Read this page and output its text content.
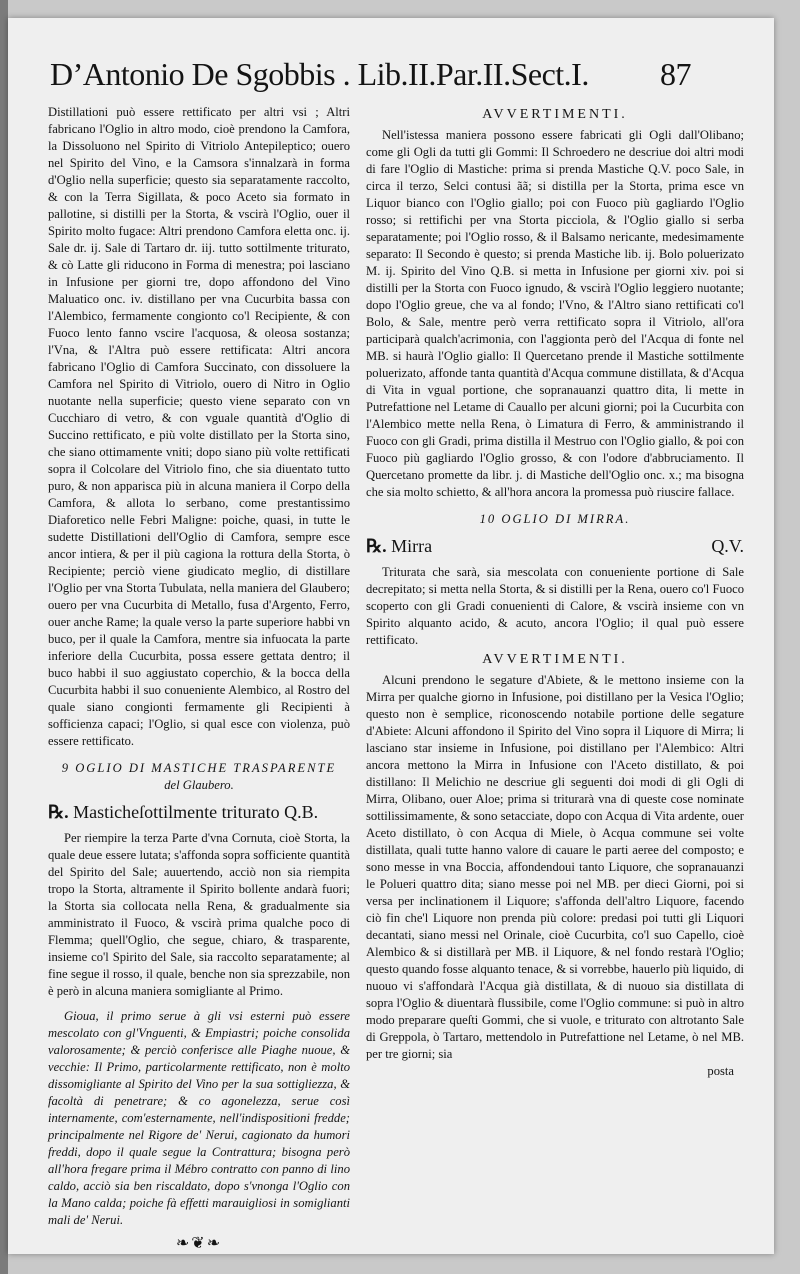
D’Antonio De Sgobbis . Lib.II.Par.II.Sect.I. 87

Distillationi può essere rettificato per altri vsi ; Altri fabricano l'Oglio in altro modo, cioè prendono la Camfora, la Dissoluono nel Spirito di Vitriolo Antepileptico; ouero nel Spirito del Vino, e la Camsora s'innalzarà in forma d'Oglio nella superficie; questo sia separatamente raccolto, & con la Terra Sigillata, & poco Aceto sia formato in pallotine, si distilli per la Storta, & vscirà l'Oglio, ouer il Spirito molto fugace: Altri prendono Camfora eletta onc. ij. Sale dr. ij. Sale di Tartaro dr. iij. tutto sottilmente triturato, & cò Latte gli riducono in Forma di menestra; poi lasciano in Infusione per giorni tre, dopo affondono del Vino Maluatico onc. iv. distillano per vna Cucurbita bassa con l'Alembico, fermamente congionto co'l Recipiente, & con Fuoco lento fanno vscire l'acquosa, & oleosa sostanza; l'Vna, & l'Altra può essere rettificata: Altri ancora fabricano l'Oglio di Camfora Succinato, con dissoluere la Camfora nel Spirito di Vitriolo, ouero di Nitro in Oglio nuotante nella superficie; questo viene separato con vn Cucchiaro di vetro, & con vguale quantità d'Oglio di Succino rettificato, e più volte distillato per la Storta sino, che siano ottimamente vniti; dopo siano più volte rettificati sopra il Colcolare del Vitriolo fino, che sia diuentato tutto puro, & non apparisca più in alcuna maniera il Corpo della Camfora, & allota lo serbano, come prestantissimo Diaforetico nelle Febri Maligne: poiche, quasi, in tutte le sudette Distillationi dell'Oglio di Camfora, sempre esce ancor intiera, & per il più cagiona la rottura della Storta, ò Recipiente; perciò viene giudicato meglio, di distillare l'Oglio per vna Storta Tubulata, nella maniera del Glaubero; ouero per vna Cucurbita di Metallo, fusa d'Argento, Ferro, ouer anche Rame; la quale verso la parte superiore habbi vn buco, per il quale la Camfora, mentre sia infuocata la parte inferiore della Cucurbita, possa essere gettata dentro; il buco habbi il suo aggiustato coperchio, & la bocca della Cucurbita habbi il suo conueniente Alembico, al Rostro del quale siano congionti fermamente gli Recipienti à sofficienza capaci; l'Oglio, si qual esce con violenza, può essere rettificato.

9 OGLIO DI MASTICHE TRASPARENTE

del Glaubero.

℞. Masticheſottilmente triturato Q.B.

Per riempire la terza Parte d'vna Cornuta, cioè Storta, la quale deue essere lutata; s'affonda sopra sofficiente quantità del Spirito del Sale; auuertendo, acciò non sia riempita tropo la Storta, altramente il Spirito bollente andarà fuori; la Storta sia collocata nella Rena, & gradualmente sia amministrato il Fuoco, & vscirà prima qualche poco di Flemma; quell'Oglio, che segue, chiaro, & trasparente, insieme co'l Spirito del Sale, sia raccolto separatamente; al fine segue il rosso, il quale, benche non sia sprezzabile, non è però in alcuna maniera somigliante al Primo.

Gioua, il primo serue à gli vsi esterni può essere mescolato con gl'Vnguenti, & Empiastri; poiche consolida valorosamente; & perciò conferisce alle Piaghe nuoue, & vecchie: Il Primo, particolarmente rettificato, non è molto dissomigliante al Spirito del Vino per la sua sottigliezza, & facoltà di penetrare; & co agonelezza, serue così internamente, com'esternamente, nell'indispositioni fredde; principalmente nel Rigore de' Nerui, cagionato da humori freddi, dopo il quale segue la Contrattura; bisogna però all'hora fregare prima il Mébro contratto con panno di lino caldo, acciò sia ben riscaldato, dopo s'vnonga l'Oglio con la Mano calda; poiche fà effetti marauigliosi in somiglianti mali de' Nerui.

❧❦❧

AVVERTIMENTI.

Nell'istessa maniera possono essere fabricati gli Ogli dall'Olibano; come gli Ogli da tutti gli Gommi: Il Schroedero ne descriue doi altri modi di fare l'Oglio di Mastiche: prima si prenda Mastiche Q.V. poco Sale, in circa il terzo, Selci contusi ãã; si distilla per la Storta, prima esce vn Liquor bianco con l'Oglio giallo; poi con Fuoco più gagliardo l'Oglio rosso; si rettifichi per vna Storta picciola, & l'Oglio giallo si serba separatamente; poi l'Oglio rosso, & il Balsamo nericante, medesimamente separato: Il Secondo è questo; si prenda Mastiche lib. ij. Bolo poluerizato M. ij. Spirito del Vino Q.B. si metta in Infusione per giorni xiv. poi si distilli per la Storta con Fuoco ignudo, & vscirà l'Oglio leggiero nuotante; dopo l'Oglio greue, che va al fondo; l'Vno, & l'Altro siano rettificati co'l Bolo, & Sale, mentre però verra rettificato sopra il Vitriolo, all'ora participarà qualch'acrimonia, con l'aggionta però del l'Acqua di fonte nel MB. si haurà l'Oglio giallo: Il Quercetano prende il Mastiche sottilmente poluerizato, affonde tanta quantità d'Acqua commune distillata, & d'Acqua di Vita in vgual portione, che sopranauanzi quattro dita, li mette in Putrefattione nel Letame di Cauallo per alcuni giorni; poi la Cucurbita con l'Alembico mette nella Rena, ò Limatura di Ferro, & amministrando il Fuoco con gli Gradi, prima distilla il Mestruo con l'Oglio giallo, & poi con Fuoco più gagliardo l'Oglio grosso, & con l'odore d'abbruciamento. Il Quercetano promette da libr. j. di Mastiche dell'Oglio onc. x.; ma bisogna che sia molto schietto, & all'hora ancora la promessa può riuscire fallace.

10 OGLIO DI MIRRA.

℞. Mirra	Q.V.

Triturata che sarà, sia mescolata con conueniente portione di Sale decrepitato; si metta nella Storta, & si distilli per la Rena, ouero co'l Fuoco scoperto con gli Gradi conuenienti di Calore, & vscirà insieme con vn Spirito alquanto acido, & acuto, ancora l'Oglio; il qual può essere rettificato.

AVVERTIMENTI.

Alcuni prendono le segature d'Abiete, & le mettono insieme con la Mirra per qualche giorno in Infusione, poi distillano per la Vesica l'Oglio; questo non è semplice, riconoscendo notabile portione delle segature d'Abiete: Alcuni affondono il Spirito del Vino sopra il Liquore di Mirra; li lasciano star insieme in Infusione, poi distillano per l'Alembico: Altri ancora mettono la Mirra in Infusione con l'Aceto distillato, & poi distillano: Il Melichio ne descriue gli seguenti doi modi di gli Ogli di Mirra, Olibano, ouer Aloe; prima si triturarà vna di queste cose nominate sottilissimamente, & sono setacciate, dopo con Acqua di Vita ardente, ouer Aceto distillato, ò con Acqua di Miele, ò Acqua commune sei volte distillata, quali tutte hanno valore di cauare le parti aeree del composto; e sono messe in vna Boccia, affondendoui tanto Liquore, che sopranauanzi le Polueri quattro dita; siano messe poi nel MB. per dieci Giorni, poi si versa per inclinationem il Liquore; s'affonda dell'altro Liquore, facendo ciò fin che'l Liquore non prenda più colore: predasi poi tutti gli Liquori decantati, siano messi nel Orinale, cioè Cucurbita, co'l suo Capello, cioè Alembico & si distillarà per MB. il Liquore, & nel fondo restarà l'Oglio; questo quando fosse alquanto tenace, & si vorrebbe, hauerlo più liquido, di nuouo vi s'affondarà l'Acqua già distillata, & di nuouo sia distillata di sopra l'Oglio & diuentarà flussibile, come l'Oglio commune: si può in altro modo preparare queſti Gommi, che si vuole, e triturato con altrotanto Sale di Greppola, ò Tartaro, mettendolo in Putrefattione nel Letame, ò nel MB. per tre giorni; sia

posta
